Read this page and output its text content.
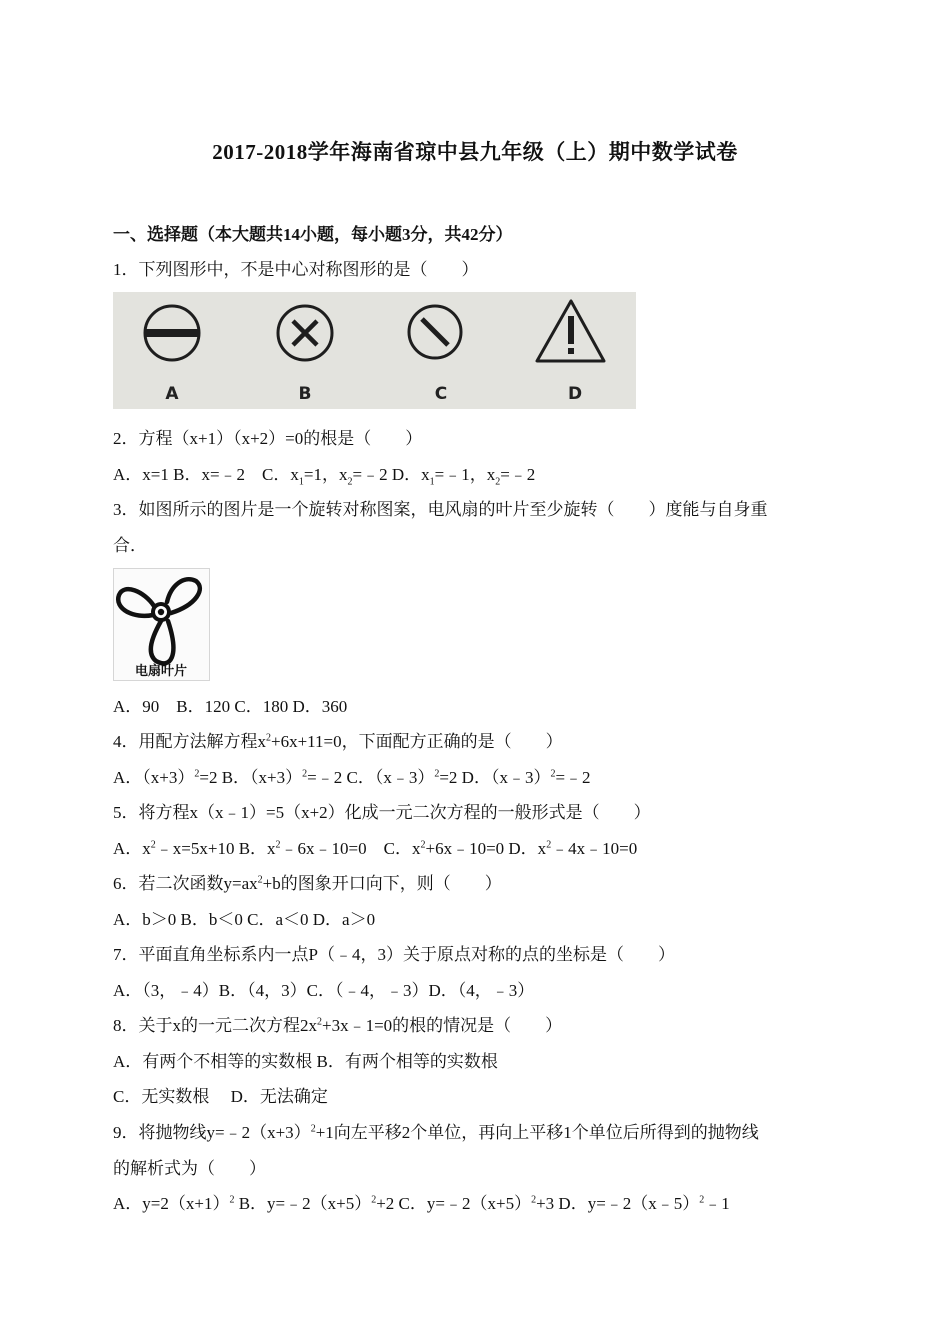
2017-2018学年海南省琼中县九年级（上）期中数学试卷
一、选择题（本大题共14小题，每小题3分，共42分）
1．下列图形中，不是中心对称图形的是（　　）
A	B	C	D
2．方程（x+1）（x+2）=0的根是（　　）
A．x=1 B．x=﹣2　C．$x_1=1$，$x_2=﹣2$ D．$x_1=﹣1$，$x_2=﹣2$
3．如图所示的图片是一个旋转对称图案，电风扇的叶片至少旋转（　　）度能与自身重
合．
电扇叶片
A．90　B．120 C．180 D．360
4．用配方法解方程$x^2+6x+11=0$，下面配方正确的是（　　）
A．$(x+3)^2=2$ B．$(x+3)^2=﹣2$ C．（x﹣3）$^2$=2 D．（x﹣3）$^2$=﹣2
5．将方程x（x﹣1）=5（x+2）化成一元二次方程的一般形式是（　　）
A．$x^2﹣x=5x+10$ B．$x^2﹣6x﹣10=0$　C．$x^2+6x﹣10=0$ D．$x^2﹣4x﹣10=0$
6．若二次函数$y=ax^2+b$的图象开口向下，则（　　）
A．b＞0 B．b＜0 C．a＜0 D．a＞0
7．平面直角坐标系内一点P（﹣4，3）关于原点对称的点的坐标是（　　）
A．（3，﹣4）B．（4，3）C．（﹣4，﹣3）D．（4，﹣3）
8．关于x的一元二次方程$2x^2+3x﹣1=0$的根的情况是（　　）
A．有两个不相等的实数根 B．有两个相等的实数根
C．无实数根　 D．无法确定
9．将抛物线$y=﹣2(x+3)^2+1$向左平移2个单位，再向上平移1个单位后所得到的抛物线
的解析式为（　　）
A．$y=2(x+1)^2$ B．$y=﹣2(x+5)^2+2$ C．$y=﹣2(x+5)^2+3$ D．y=﹣2（x﹣5）$^2$﹣1
